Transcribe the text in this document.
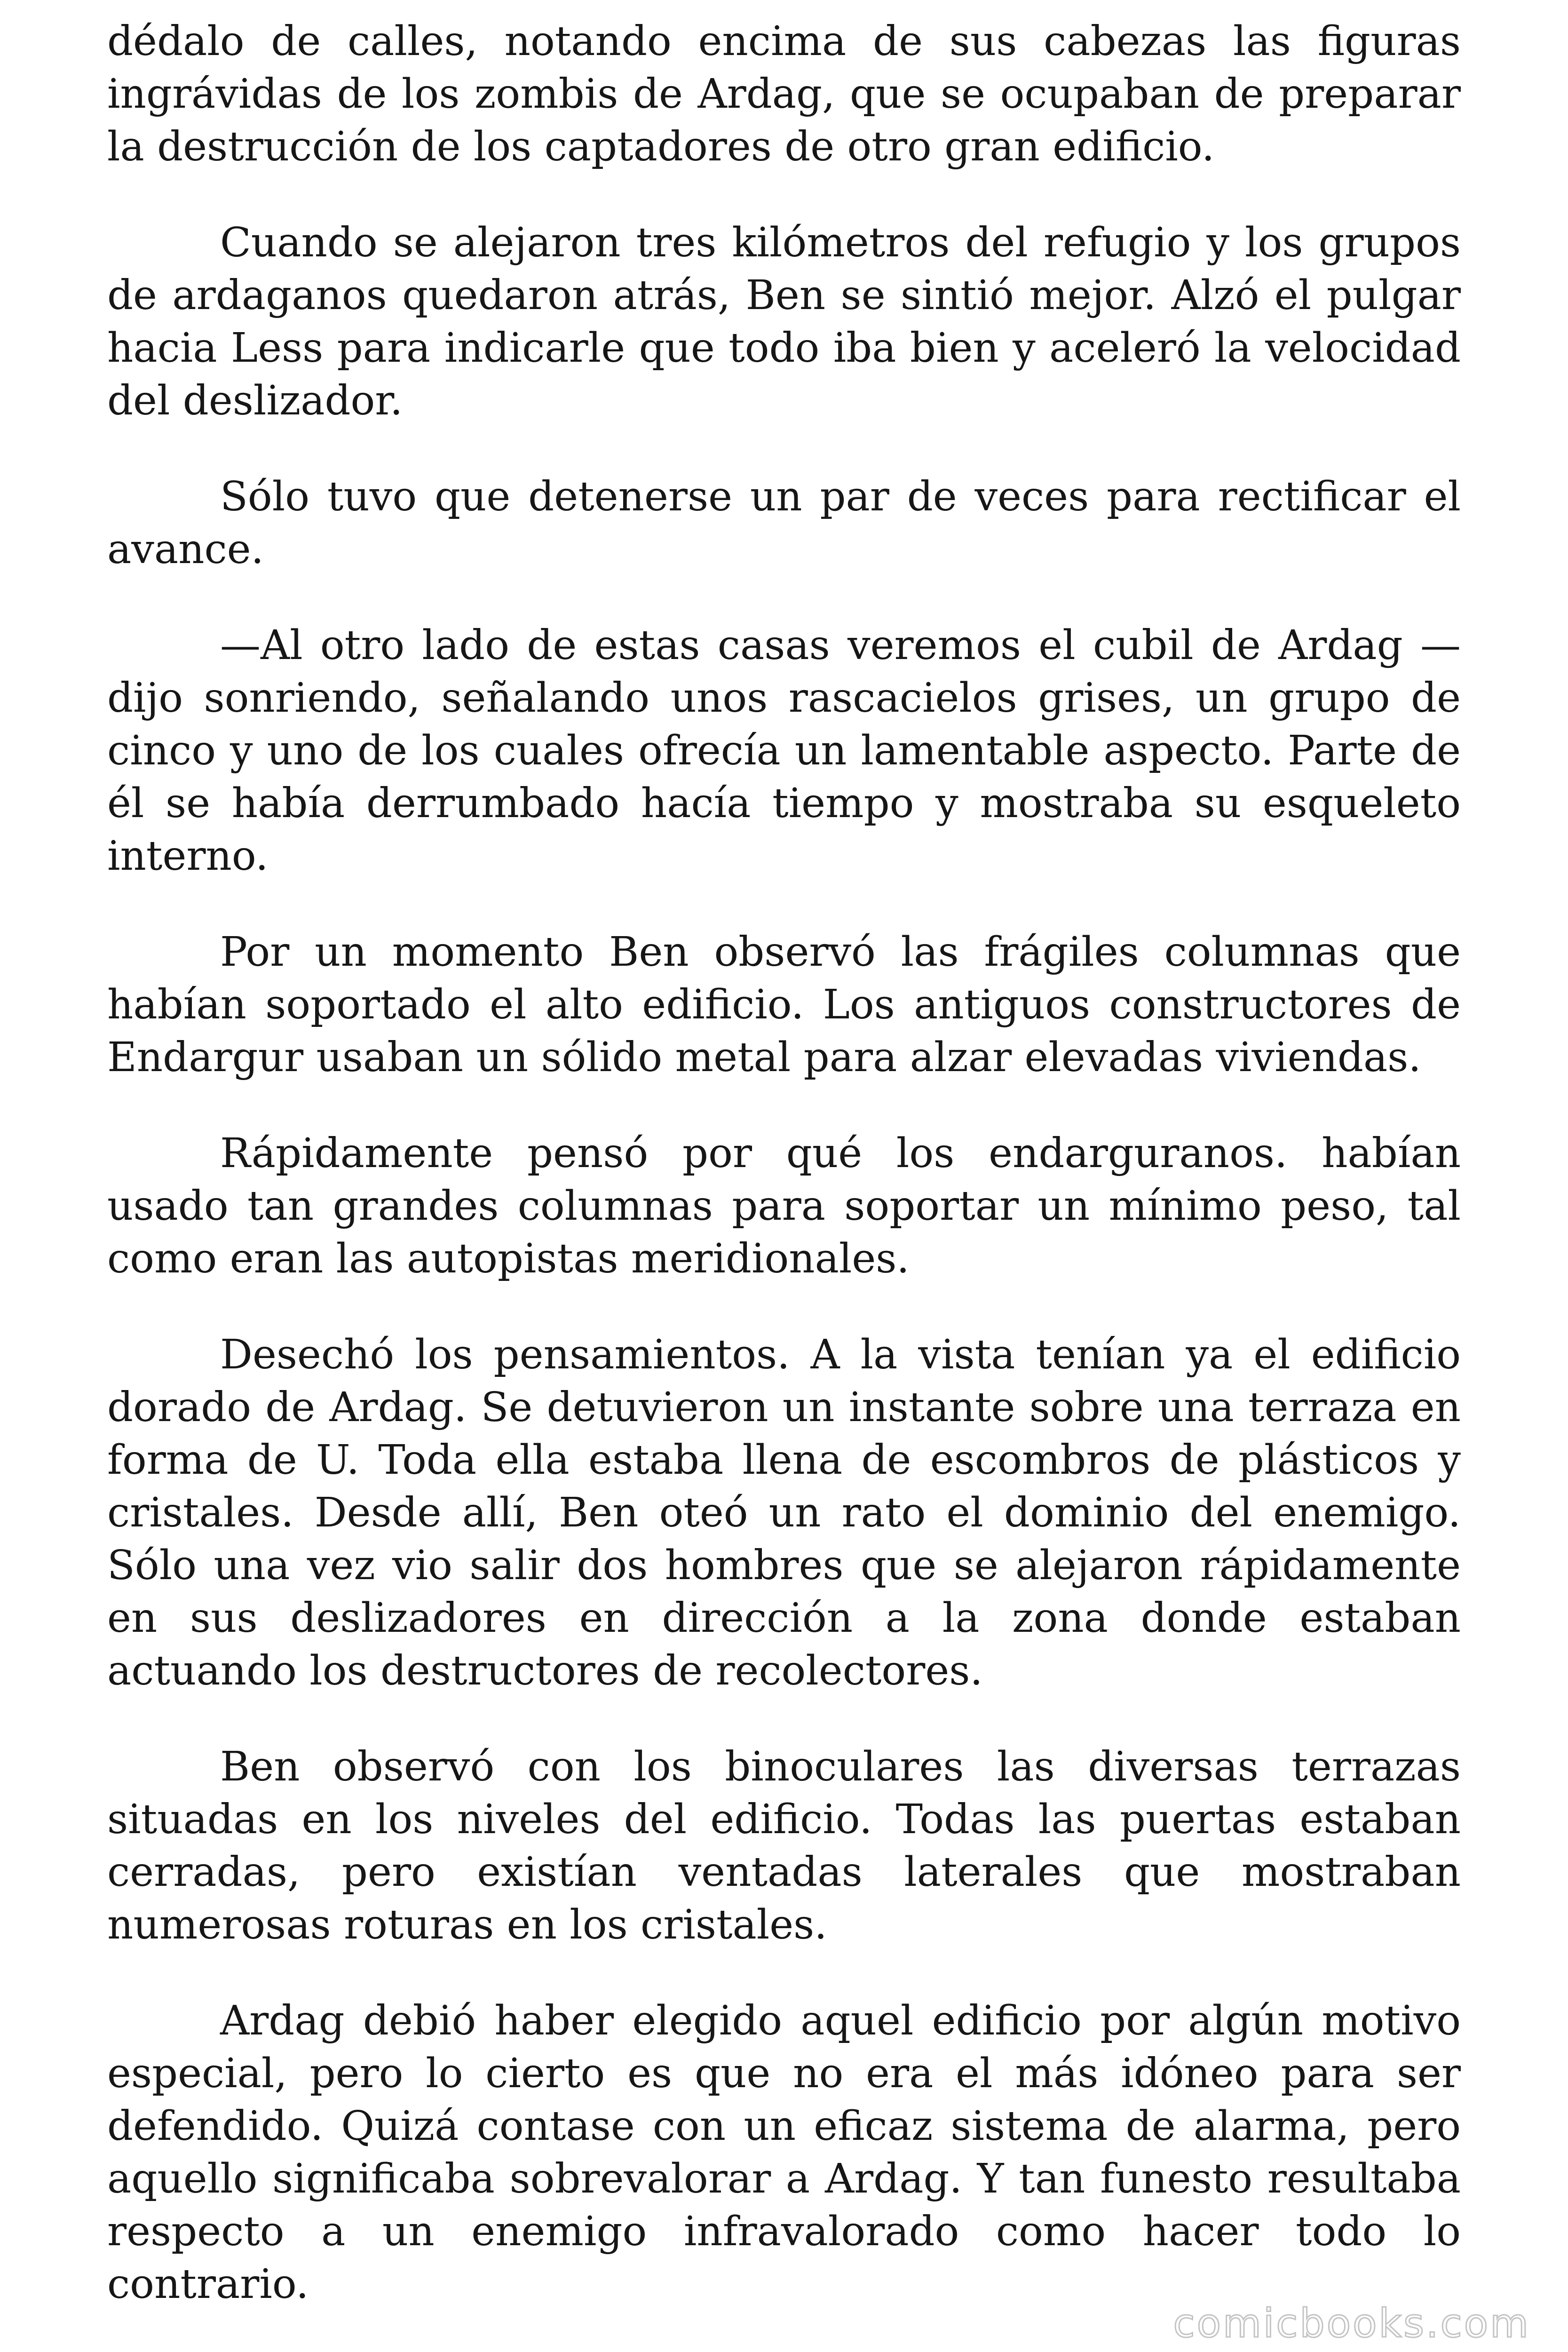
dédalo de calles, notando encima de sus cabezas las figuras ingrávidas de los zombis de Ardag, que se ocupaban de preparar la destrucción de los captadores de otro gran edificio.

Cuando se alejaron tres kilómetros del refugio y los grupos de ardaganos quedaron atrás, Ben se sintió mejor. Alzó el pulgar hacia Less para indicarle que todo iba bien y aceleró la velocidad del deslizador.

Sólo tuvo que detenerse un par de veces para rectificar el avance.

—Al otro lado de estas casas veremos el cubil de Ardag —dijo sonriendo, señalando unos rascacielos grises, un grupo de cinco y uno de los cuales ofrecía un lamentable aspecto. Parte de él se había derrumbado hacía tiempo y mostraba su esqueleto interno.

Por un momento Ben observó las frágiles columnas que habían soportado el alto edificio. Los antiguos constructores de Endargur usaban un sólido metal para alzar elevadas viviendas.

Rápidamente pensó por qué los endarguranos. habían usado tan grandes columnas para soportar un mínimo peso, tal como eran las autopistas meridionales.

Desechó los pensamientos. A la vista tenían ya el edificio dorado de Ardag. Se detuvieron un instante sobre una terraza en forma de U. Toda ella estaba llena de escombros de plásticos y cristales. Desde allí, Ben oteó un rato el dominio del enemigo. Sólo una vez vio salir dos hombres que se alejaron rápidamente en sus deslizadores en dirección a la zona donde estaban actuando los destructores de recolectores.

Ben observó con los binoculares las diversas terrazas situadas en los niveles del edificio. Todas las puertas estaban cerradas, pero existían ventadas laterales que mostraban numerosas roturas en los cristales.

Ardag debió haber elegido aquel edificio por algún motivo especial, pero lo cierto es que no era el más idóneo para ser defendido. Quizá contase con un eficaz sistema de alarma, pero aquello significaba sobrevalorar a Ardag. Y tan funesto resultaba respecto a un enemigo infravalorado como hacer todo lo contrario.

comicbooks.com
